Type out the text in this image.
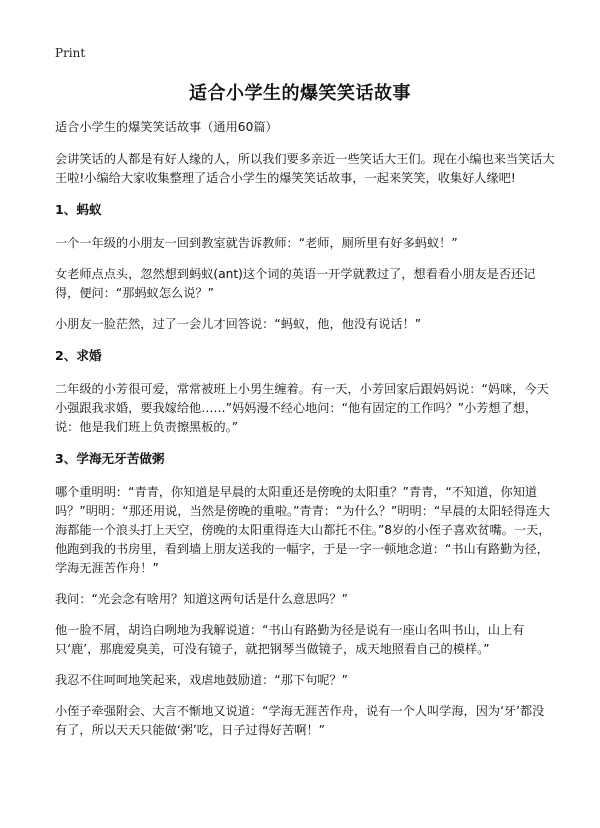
Print
适合小学生的爆笑笑话故事

适合小学生的爆笑笑话故事（通用60篇）

会讲笑话的人都是有好人缘的人，所以我们要多亲近一些笑话大王们。现在小编也来当笑话大王啦!小编给大家收集整理了适合小学生的爆笑笑话故事，一起来笑笑，收集好人缘吧!

1、蚂蚁

一个一年级的小朋友一回到教室就告诉教师：“老师，厕所里有好多蚂蚁！”

女老师点点头，忽然想到蚂蚁(ant)这个词的英语一开学就教过了，想看看小朋友是否还记得，便问：“那蚂蚁怎么说？”

小朋友一脸茫然，过了一会儿才回答说：“蚂蚁，他，他没有说话！”

2、求婚

二年级的小芳很可爱，常常被班上小男生缠着。有一天，小芳回家后跟妈妈说：“妈咪，今天小强跟我求婚，要我嫁给他……”妈妈漫不经心地问：“他有固定的工作吗？”小芳想了想，说：他是我们班上负责擦黑板的。”

3、学海无牙苦做粥

哪个重明明：“青青，你知道是早晨的太阳重还是傍晚的太阳重？”青青，“不知道，你知道吗？”明明：“那还用说，当然是傍晚的重啦。”青青：“为什么？”明明：“早晨的太阳轻得连大海都能一个浪头打上天空，傍晚的太阳重得连大山都托不住。”8岁的小侄子喜欢贫嘴。一天，他跑到我的书房里，看到墙上朋友送我的一幅字，于是一字一顿地念道：“书山有路勤为径，学海无涯苦作舟！”

我问：“光会念有啥用？知道这两句话是什么意思吗？”

他一脸不屑，胡诌白咧地为我解说道：“书山有路勤为径是说有一座山名叫书山，山上有只‘鹿’，那鹿爱臭美，可没有镜子，就把钢琴当做镜子，成天地照看自己的模样。”

我忍不住呵呵地笑起来，戏虐地鼓励道：“那下句呢？”

小侄子牵强附会、大言不惭地又说道：“学海无涯苦作舟，说有一个人叫学海，因为‘牙’都没有了，所以天天只能做‘粥’吃，日子过得好苦啊！”
